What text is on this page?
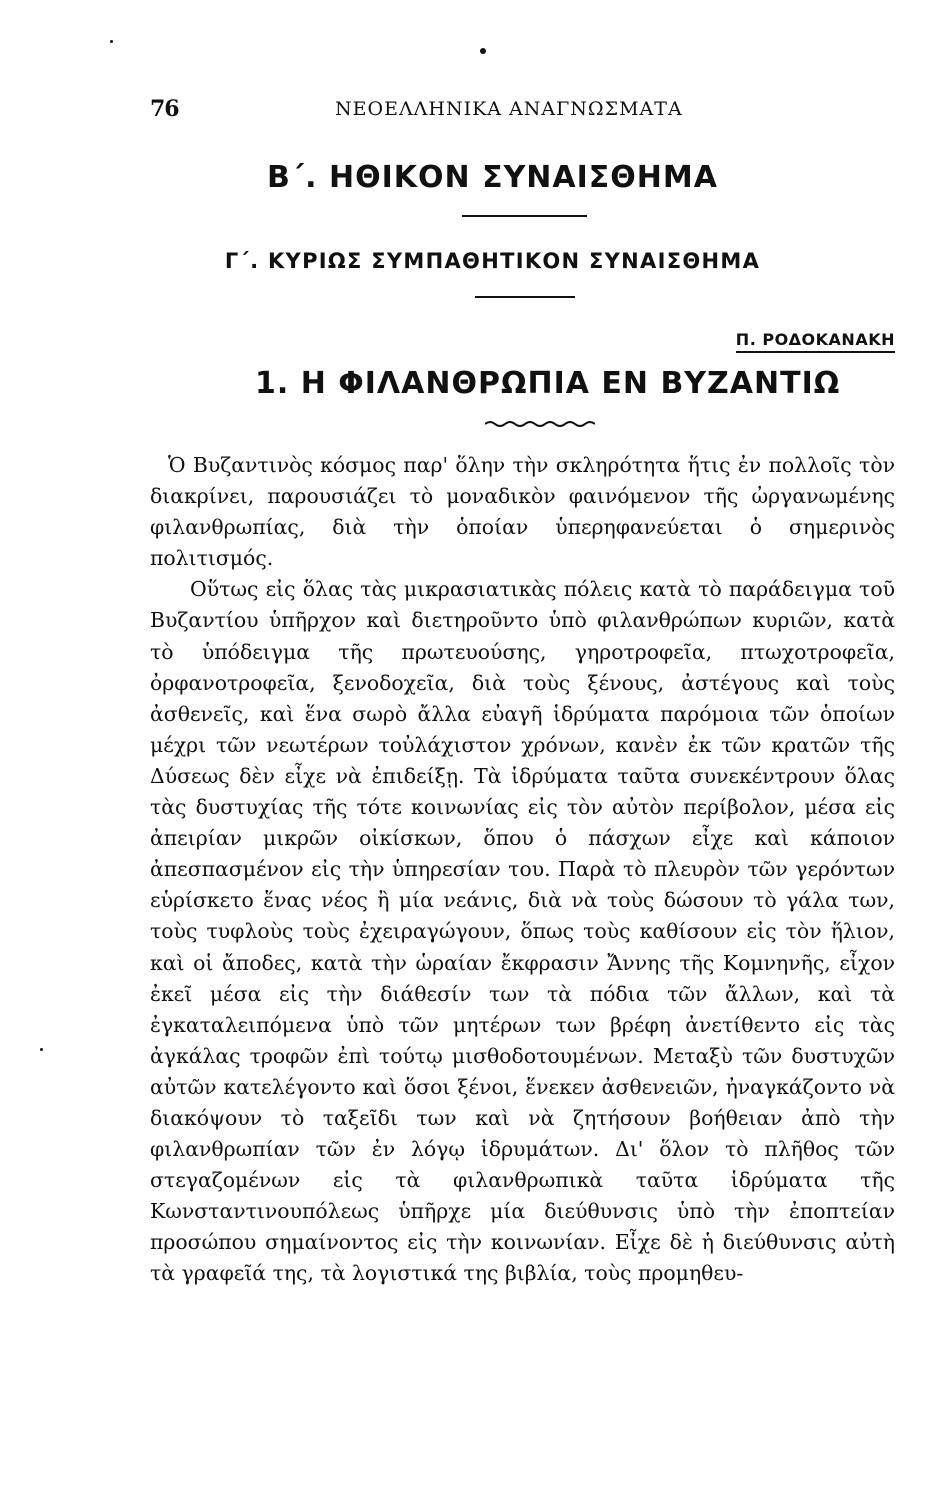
76	ΝΕΟΕΛΛΗΝΙΚΑ ΑΝΑΓΝΩΣΜΑΤΑ
Β΄. ΗΘΙΚΟΝ ΣΥΝΑΙΣΘΗΜΑ
Γ΄. ΚΥΡΙΩΣ ΣΥΜΠΑΘΗΤΙΚΟΝ ΣΥΝΑΙΣΘΗΜΑ
Π. ΡΟΔΟΚΑΝΑΚΗ
1. Η ΦΙΛΑΝΘΡΩΠΙΑ ΕΝ ΒΥΖΑΝΤΙΩ

Ὁ Βυζαντινὸς κόσμος παρ' ὅλην τὴν σκληρότητα ἥτις ἐν πολλοῖς τὸν διακρίνει, παρουσιάζει τὸ μοναδικὸν φαινόμενον τῆς ὠργανωμένης φιλανθρωπίας, διὰ τὴν ὁποίαν ὑπερηφανεύεται ὁ σημερινὸς πολιτισμός.

Οὕτως εἰς ὅλας τὰς μικρασιατικὰς πόλεις κατὰ τὸ παράδειγμα τοῦ Βυζαντίου ὑπῆρχον καὶ διετηροῦντο ὑπὸ φιλανθρώπων κυριῶν, κατὰ τὸ ὑπόδειγμα τῆς πρωτευούσης, γηροτροφεῖα, πτωχοτροφεῖα, ὀρφανοτροφεῖα, ξενοδοχεῖα, διὰ τοὺς ξένους, ἀστέγους καὶ τοὺς ἀσθενεῖς, καὶ ἕνα σωρὸ ἄλλα εὐαγῆ ἱδρύματα παρόμοια τῶν ὁποίων μέχρι τῶν νεωτέρων τοὐλάχιστον χρόνων, κανὲν ἐκ τῶν κρατῶν τῆς Δύσεως δὲν εἶχε νὰ ἐπιδείξῃ. Τὰ ἱδρύματα ταῦτα συνεκέντρουν ὅλας τὰς δυστυχίας τῆς τότε κοινωνίας εἰς τὸν αὐτὸν περίβολον, μέσα εἰς ἀπειρίαν μικρῶν οἰκίσκων, ὅπου ὁ πάσχων εἶχε καὶ κάποιον ἀπεσπασμένον εἰς τὴν ὑπηρεσίαν του. Παρὰ τὸ πλευρὸν τῶν γερόντων εὑρίσκετο ἕνας νέος ἢ μία νεάνις, διὰ νὰ τοὺς δώσουν τὸ γάλα των, τοὺς τυφλοὺς τοὺς ἐχειραγώγουν, ὅπως τοὺς καθίσουν εἰς τὸν ἥλιον, καὶ οἱ ἄποδες, κατὰ τὴν ὡραίαν ἔκφρασιν Ἄννης τῆς Κομνηνῆς, εἶχον ἐκεῖ μέσα εἰς τὴν διάθεσίν των τὰ πόδια τῶν ἄλλων, καὶ τὰ ἐγκαταλειπόμενα ὑπὸ τῶν μητέρων των βρέφη ἀνετίθεντο εἰς τὰς ἀγκάλας τροφῶν ἐπὶ τούτῳ μισθοδοτουμένων. Μεταξὺ τῶν δυστυχῶν αὐτῶν κατελέγοντο καὶ ὅσοι ξένοι, ἕνεκεν ἀσθενειῶν, ἠναγκάζοντο νὰ διακόψουν τὸ ταξεῖδι των καὶ νὰ ζητήσουν βοήθειαν ἀπὸ τὴν φιλανθρωπίαν τῶν ἐν λόγῳ ἱδρυμάτων. Δι' ὅλον τὸ πλῆθος τῶν στεγαζομένων εἰς τὰ φιλανθρωπικὰ ταῦτα ἱδρύματα τῆς Κωνσταντινουπόλεως ὑπῆρχε μία διεύθυνσις ὑπὸ τὴν ἐποπτείαν προσώπου σημαίνοντος εἰς τὴν κοινωνίαν. Εἶχε δὲ ἡ διεύθυνσις αὐτὴ τὰ γραφεῖά της, τὰ λογιστικά της βιβλία, τοὺς προμηθευ-
